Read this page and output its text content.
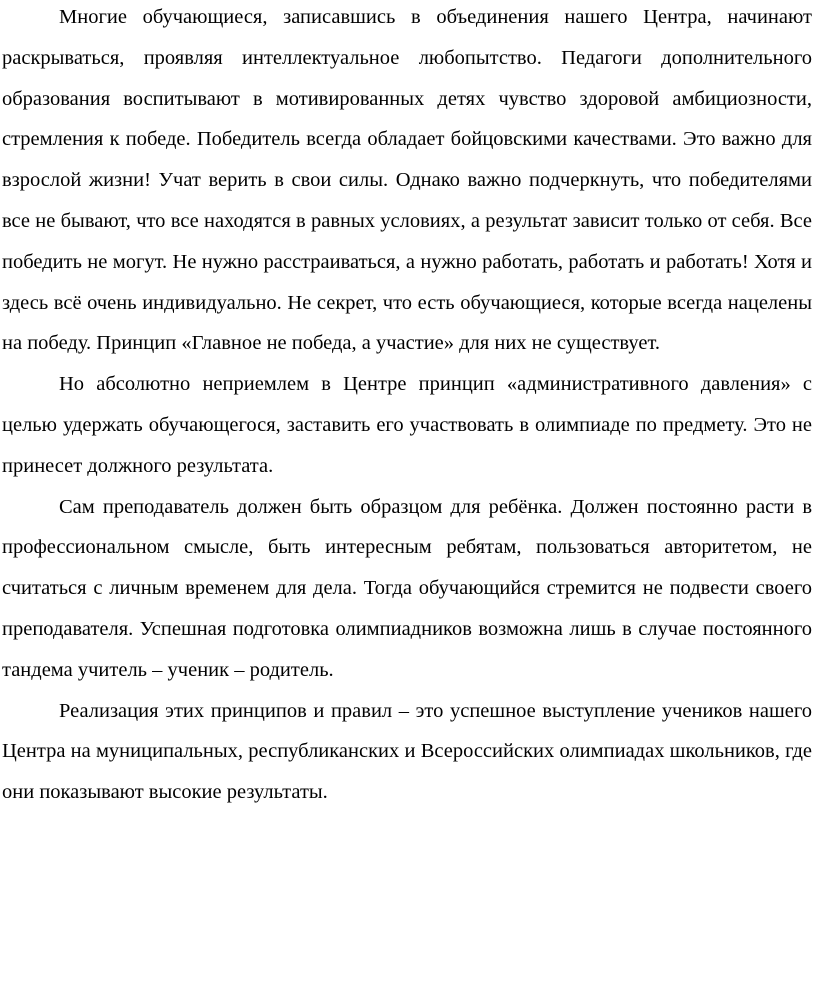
Многие обучающиеся, записавшись в объединения нашего Центра, начинают раскрываться, проявляя интеллектуальное любопытство. Педагоги дополнительного образования воспитывают в мотивированных детях чувство здоровой амбициозности, стремления к победе. Победитель всегда обладает бойцовскими качествами. Это важно для взрослой жизни! Учат верить в свои силы. Однако важно подчеркнуть, что победителями все не бывают, что все находятся в равных условиях, а результат зависит только от себя. Все победить не могут. Не нужно расстраиваться, а нужно работать, работать и работать! Хотя и здесь всё очень индивидуально. Не секрет, что есть обучающиеся, которые всегда нацелены на победу. Принцип «Главное не победа, а участие» для них не существует.

Но абсолютно неприемлем в Центре принцип «административного давления» с целью удержать обучающегося, заставить его участвовать в олимпиаде по предмету. Это не принесет должного результата.

Сам преподаватель должен быть образцом для ребёнка. Должен постоянно расти в профессиональном смысле, быть интересным ребятам, пользоваться авторитетом, не считаться с личным временем для дела. Тогда обучающийся стремится не подвести своего преподавателя. Успешная подготовка олимпиадников возможна лишь в случае постоянного тандема учитель – ученик – родитель.

Реализация этих принципов и правил – это успешное выступление учеников нашего Центра на муниципальных, республиканских и Всероссийских олимпиадах школьников, где они показывают высокие результаты.
